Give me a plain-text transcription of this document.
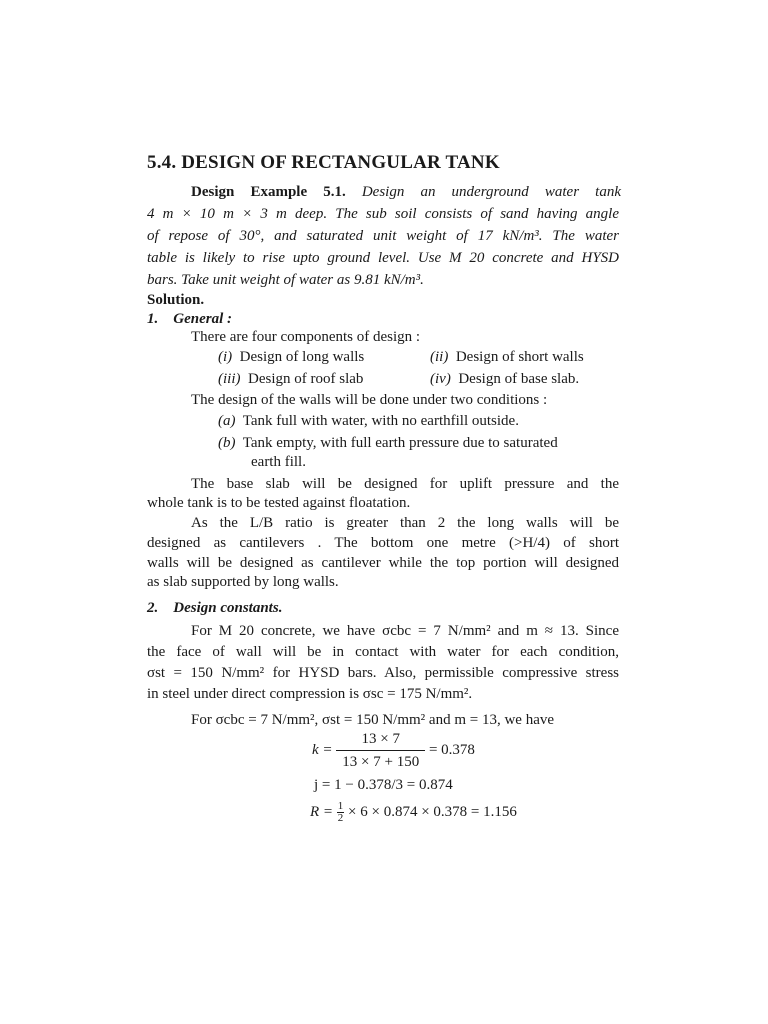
5.4. DESIGN OF RECTANGULAR TANK
Design Example 5.1. Design an underground water tank
4 m × 10 m × 3 m deep. The sub soil consists of sand having angle
of repose of 30°, and saturated unit weight of 17 kN/m³. The water
table is likely to rise upto ground level. Use M 20 concrete and HYSD
bars. Take unit weight of water as 9.81 kN/m³.
Solution.
1. General :
There are four components of design :
(i) Design of long walls	(ii) Design of short walls
(iii) Design of roof slab	(iv) Design of base slab.
The design of the walls will be done under two conditions :
(a) Tank full with water, with no earthfill outside.
(b) Tank empty, with full earth pressure due to saturated
earth fill.
The base slab will be designed for uplift pressure and the
whole tank is to be tested against floatation.
As the L/B ratio is greater than 2 the long walls will be
designed as cantilevers . The bottom one metre (>H/4) of short
walls will be designed as cantilever while the top portion will designed
as slab supported by long walls.
2. Design constants.
For M 20 concrete, we have σcbc = 7 N/mm² and m ≈ 13. Since
the face of wall will be in contact with water for each condition,
σst = 150 N/mm² for HYSD bars. Also, permissible compressive stress
in steel under direct compression is σsc = 175 N/mm².
For σcbc = 7 N/mm², σst = 150 N/mm² and m = 13, we have
$k = \frac{13 \times 7}{13 \times 7 + 150} = 0.378$
j = 1 − 0.378/3 = 0.874
$R = \frac{1}{2} \times 6 \times 0.874 \times 0.378 = 1.156$
